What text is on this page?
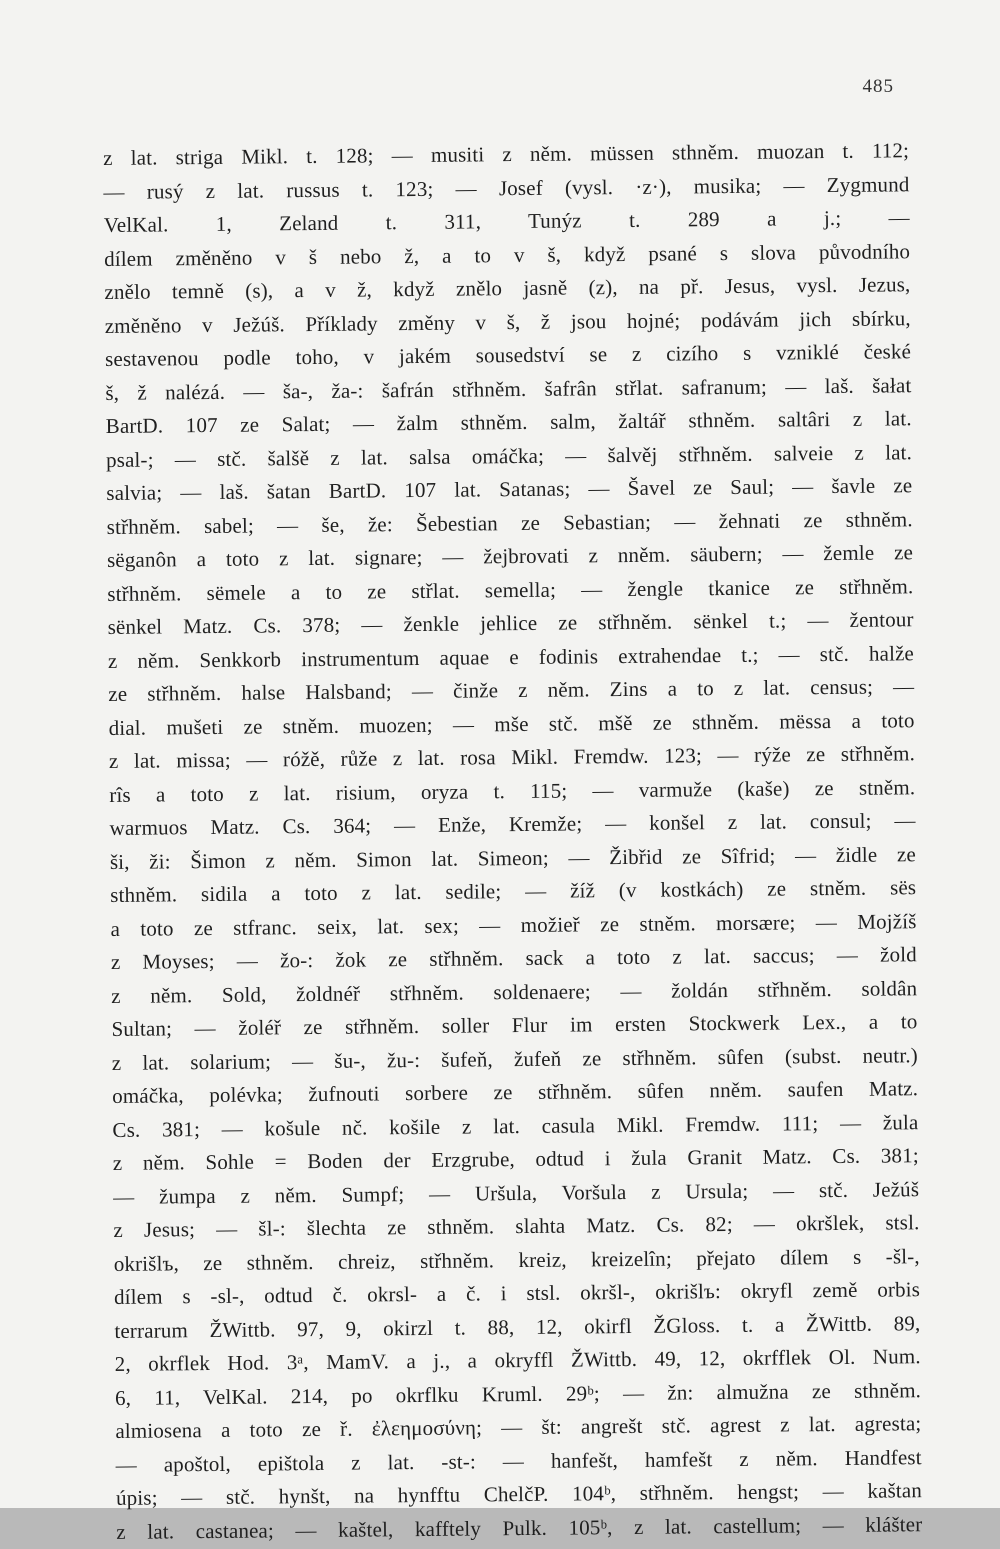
485
z lat. striga Mikl. t. 128; — musiti z něm. müssen sthněm. muozan t. 112;
— rusý z lat. russus t. 123; — Josef (vysl. ·z·), musika; — Zygmund
VelKal. 1, Zeland t. 311, Tunýz t. 289 a j.; —
dílem změněno v š nebo ž, a to v š, když psané s slova původního
znělo temně (s), a v ž, když znělo jasně (z), na př. Jesus, vysl. Jezus,
změněno v Ježúš. Příklady změny v š, ž jsou hojné; podávám jich sbírku,
sestavenou podle toho, v jakém sousedství se z cizího s vzniklé české
š, ž nalézá. — ša-, ža-: šafrán střhněm. šafrân střlat. safranum; — laš. šałat
BartD. 107 ze Salat; — žalm sthněm. salm, žaltář sthněm. saltâri z lat.
psal-; — stč. šalšě z lat. salsa omáčka; — šalvěj střhněm. salveie z lat.
salvia; — laš. šatan BartD. 107 lat. Satanas; — Šavel ze Saul; — šavle ze
střhněm. sabel; — še, že: Šebestian ze Sebastian; — žehnati ze sthněm.
sëganôn a toto z lat. signare; — žejbrovati z nněm. säubern; — žemle ze
střhněm. sëmele a to ze střlat. semella; — žengle tkanice ze střhněm.
sënkel Matz. Cs. 378; — ženkle jehlice ze střhněm. sënkel t.; — žentour
z něm. Senkkorb instrumentum aquae e fodinis extrahendae t.; — stč. halže
ze střhněm. halse Halsband; — činže z něm. Zins a to z lat. census; —
dial. mušeti ze stněm. muozen; — mše stč. mšě ze sthněm. mëssa a toto
z lat. missa; — róžě, růže z lat. rosa Mikl. Fremdw. 123; — rýže ze střhněm.
rîs a toto z lat. risium, oryza t. 115; — varmuže (kaše) ze stněm.
warmuos Matz. Cs. 364; — Enže, Kremže; — konšel z lat. consul; —
ši, ži: Šimon z něm. Simon lat. Simeon; — Žibřid ze Sîfrid; — židle ze
sthněm. sidila a toto z lat. sedile; — žíž (v kostkách) ze stněm. sës
a toto ze stfranc. seix, lat. sex; — možieř ze stněm. morsære; — Mojžíš
z Moyses; — žo-: žok ze střhněm. sack a toto z lat. saccus; — žold
z něm. Sold, žoldnéř střhněm. soldenaere; — žoldán střhněm. soldân
Sultan; — žoléř ze střhněm. soller Flur im ersten Stockwerk Lex., a to
z lat. solarium; — šu-, žu-: šufeň, žufeň ze střhněm. sûfen (subst. neutr.)
omáčka, polévka; žufnouti sorbere ze střhněm. sûfen nněm. saufen Matz.
Cs. 381; — košule nč. košile z lat. casula Mikl. Fremdw. 111; — žula
z něm. Sohle = Boden der Erzgrube, odtud i žula Granit Matz. Cs. 381;
— žumpa z něm. Sumpf; — Uršula, Voršula z Ursula; — stč. Ježúš
z Jesus; — šl-: šlechta ze sthněm. slahta Matz. Cs. 82; — okršlek, stsl.
okrišlъ, ze sthněm. chreiz, střhněm. kreiz, kreizelîn; přejato dílem s -šl-,
dílem s -sl-, odtud č. okrsl- a č. i stsl. okršl-, okrišlъ: okryfl země orbis
terrarum ŽWittb. 97, 9, okirzl t. 88, 12, okirfl ŽGloss. t. a ŽWittb. 89,
2, okrflek Hod. 3ᵃ, MamV. a j., a okryffl ŽWittb. 49, 12, okrfflek Ol. Num.
6, 11, VelKal. 214, po okrflku Kruml. 29ᵇ; — žn: almužna ze sthněm.
almiosena a toto ze ř. ἐλεημοσύνη; — št: angrešt stč. agrest z lat. agresta;
— apoštol, epištola z lat. -st-: — hanfešt, hamfešt z něm. Handfest
úpis; — stč. hynšt, na hynfftu ChelčP. 104ᵇ, střhněm. hengst; — kaštan
z lat. castanea; — kaštel, kafftely Pulk. 105ᵇ, z lat. castellum; — klášter
